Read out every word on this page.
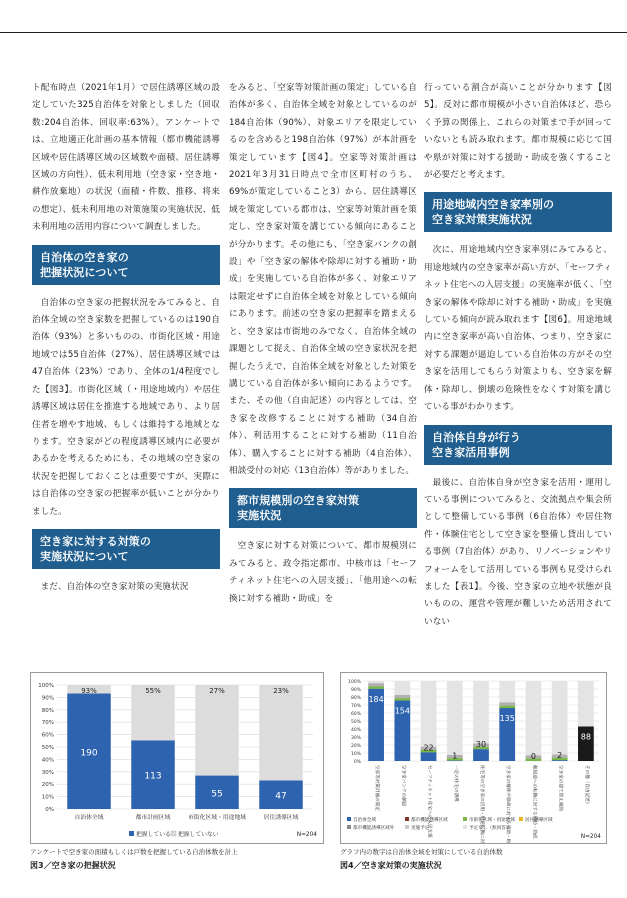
ト配布時点（2021年1月）で居住誘導区域の設定していた325自治体を対象としました（回収数:204自治体、回収率:63%）。アンケートでは、立地適正化計画の基本情報（都市機能誘導区域や居住誘導区域の区域数や面積、居住誘導区域の方向性）、低未利用地（空き家・空き地・耕作放棄地）の状況（面積・件数、推移、将来の想定）、低未利用地の対策施策の実施状況、低未利用地の活用内容について調査しました。

自治体の空き家の
把握状況について

自治体の空き家の把握状況をみてみると、自治体全域の空き家数を把握しているのは190自治体（93%）と多いものの、市街化区域・用途地域では55自治体（27%）、居住誘導区域では47自治体（23%）であり、全体の1/4程度でした【図3】。市街化区域（・用途地域内）や居住誘導区域は居住を推進する地域であり、より居住者を増やす地域、もしくは維持する地域となります。空き家がどの程度誘導区域内に必要があるかを考えるためにも、その地域の空き家の状況を把握しておくことは重要ですが、実際には自治体の空き家の把握率が低いことが分かりました。

空き家に対する対策の
実施状況について

まだ、自治体の空き家対策の実施状況

をみると、「空家等対策計画の策定」している自治体が多く、自治体全域を対象としているのが184自治体（90%）、対象エリアを限定しているのを含めると198自治体（97%）が本計画を策定しています【図4】。空家等対策計画は2021年3月31日時点で全市区町村のうち、69%が策定していること3）から、居住誘導区域を策定している都市は、空家等対策計画を策定し、空き家対策を講じている傾向にあることが分かります。その他にも、「空き家バンクの創設」や「空き家の解体や除却に対する補助・助成」を実施している自治体が多く、対象エリアは限定せずに自治体全域を対象としている傾向にあります。前述の空き家の把握率を踏まえると、空き家は市街地のみでなく、自治体全域の課題として捉え、自治体全域の空き家状況を把握したうえで、自治体全域を対象とした対策を講じている自治体が多い傾向にあるようです。また、その他（自由記述）の内容としては、空き家を改修することに対する補助（34自治体）、利活用することに対する補助（11自治体）、購入することに対する補助（4自治体）、相談受付の対応（13自治体）等がありました。

都市規模別の空き家対策
実施状況

空き家に対する対策について、都市規模別にみてみると、政令指定都市、中核市は「セーフティネット住宅への入居支援」、「他用途への転換に対する補助・助成」を

行っている割合が高いことが分かります【図5】。反対に都市規模が小さい自治体ほど、恐らく予算の関係上、これらの対策まで手が回っていないとも読み取れます。都市規模に応じて国や県が対策に対する援助・助成を強くすることが必要だと考えます。

用途地域内空き家率別の
空き家対策実施状況

次に、用途地域内空き家率別にみてみると、用途地域内の空き家率が高い方が、「セーフティネット住宅への入居支援」の実施率が低く、「空き家の解体や除却に対する補助・助成」を実施している傾向が読み取れます【図6】。用途地域内に空き家率が高い自治体、つまり、空き家に対する課題が逼迫している自治体の方がその空き家を活用してもらう対策よりも、空き家を解体・除却し、倒壊の危険性をなくす対策を講じている事がわかります。

自治体自身が行う
空き家活用事例

最後に、自治体自身が空き家を活用・運用している事例についてみると、交流拠点や集会所として整備している事例（6自治体）や居住物件・体験住宅として空き家を整備し貸出している事例（7自治体）があり、リノベーションやリフォームをして活用している事例も見受けられました【表1】。今後、空き家の立地や状態が良いものの、運営や管理が難しいため活用されていない

100%
90%
80%
70%
60%
50%
40%
30%
20%
10%
0%
93%
190
自治体全域
55%
113
都市計画区域
27%
55
市街化区域・用途地域
23%
47
居住誘導区域
把握している 把握していない	N=204
アンケートで空き家の面積もしくは戸数を把握している自治体数を計上
図3／空き家の把握状況
100%
90%
80%
70%
60%
50%
40%
30%
20%
10%
0%
184
空家等対策計画の策定
154
空き家バンクの創設
22
セーフティネット住宅への入居支援
1
一定の住宅の誘導
30
住宅等の空き家の活用・用途転換に対する補助・助成
135
空き家の解体や除却に対する補助・助成
0
他用途への転換に対する補助・助成
2
空き家の建て替え補助
88
その他（自由記述）
自治体全域	都市機能誘導区域	市街化区域・用途地域 居住誘導区域
都市機能誘導区域外	実施予定	予定なし（無回答）
N=204
グラフ内の数字は自治体全域を対策にしている自治体数
図4／空き家対策の実施状況
